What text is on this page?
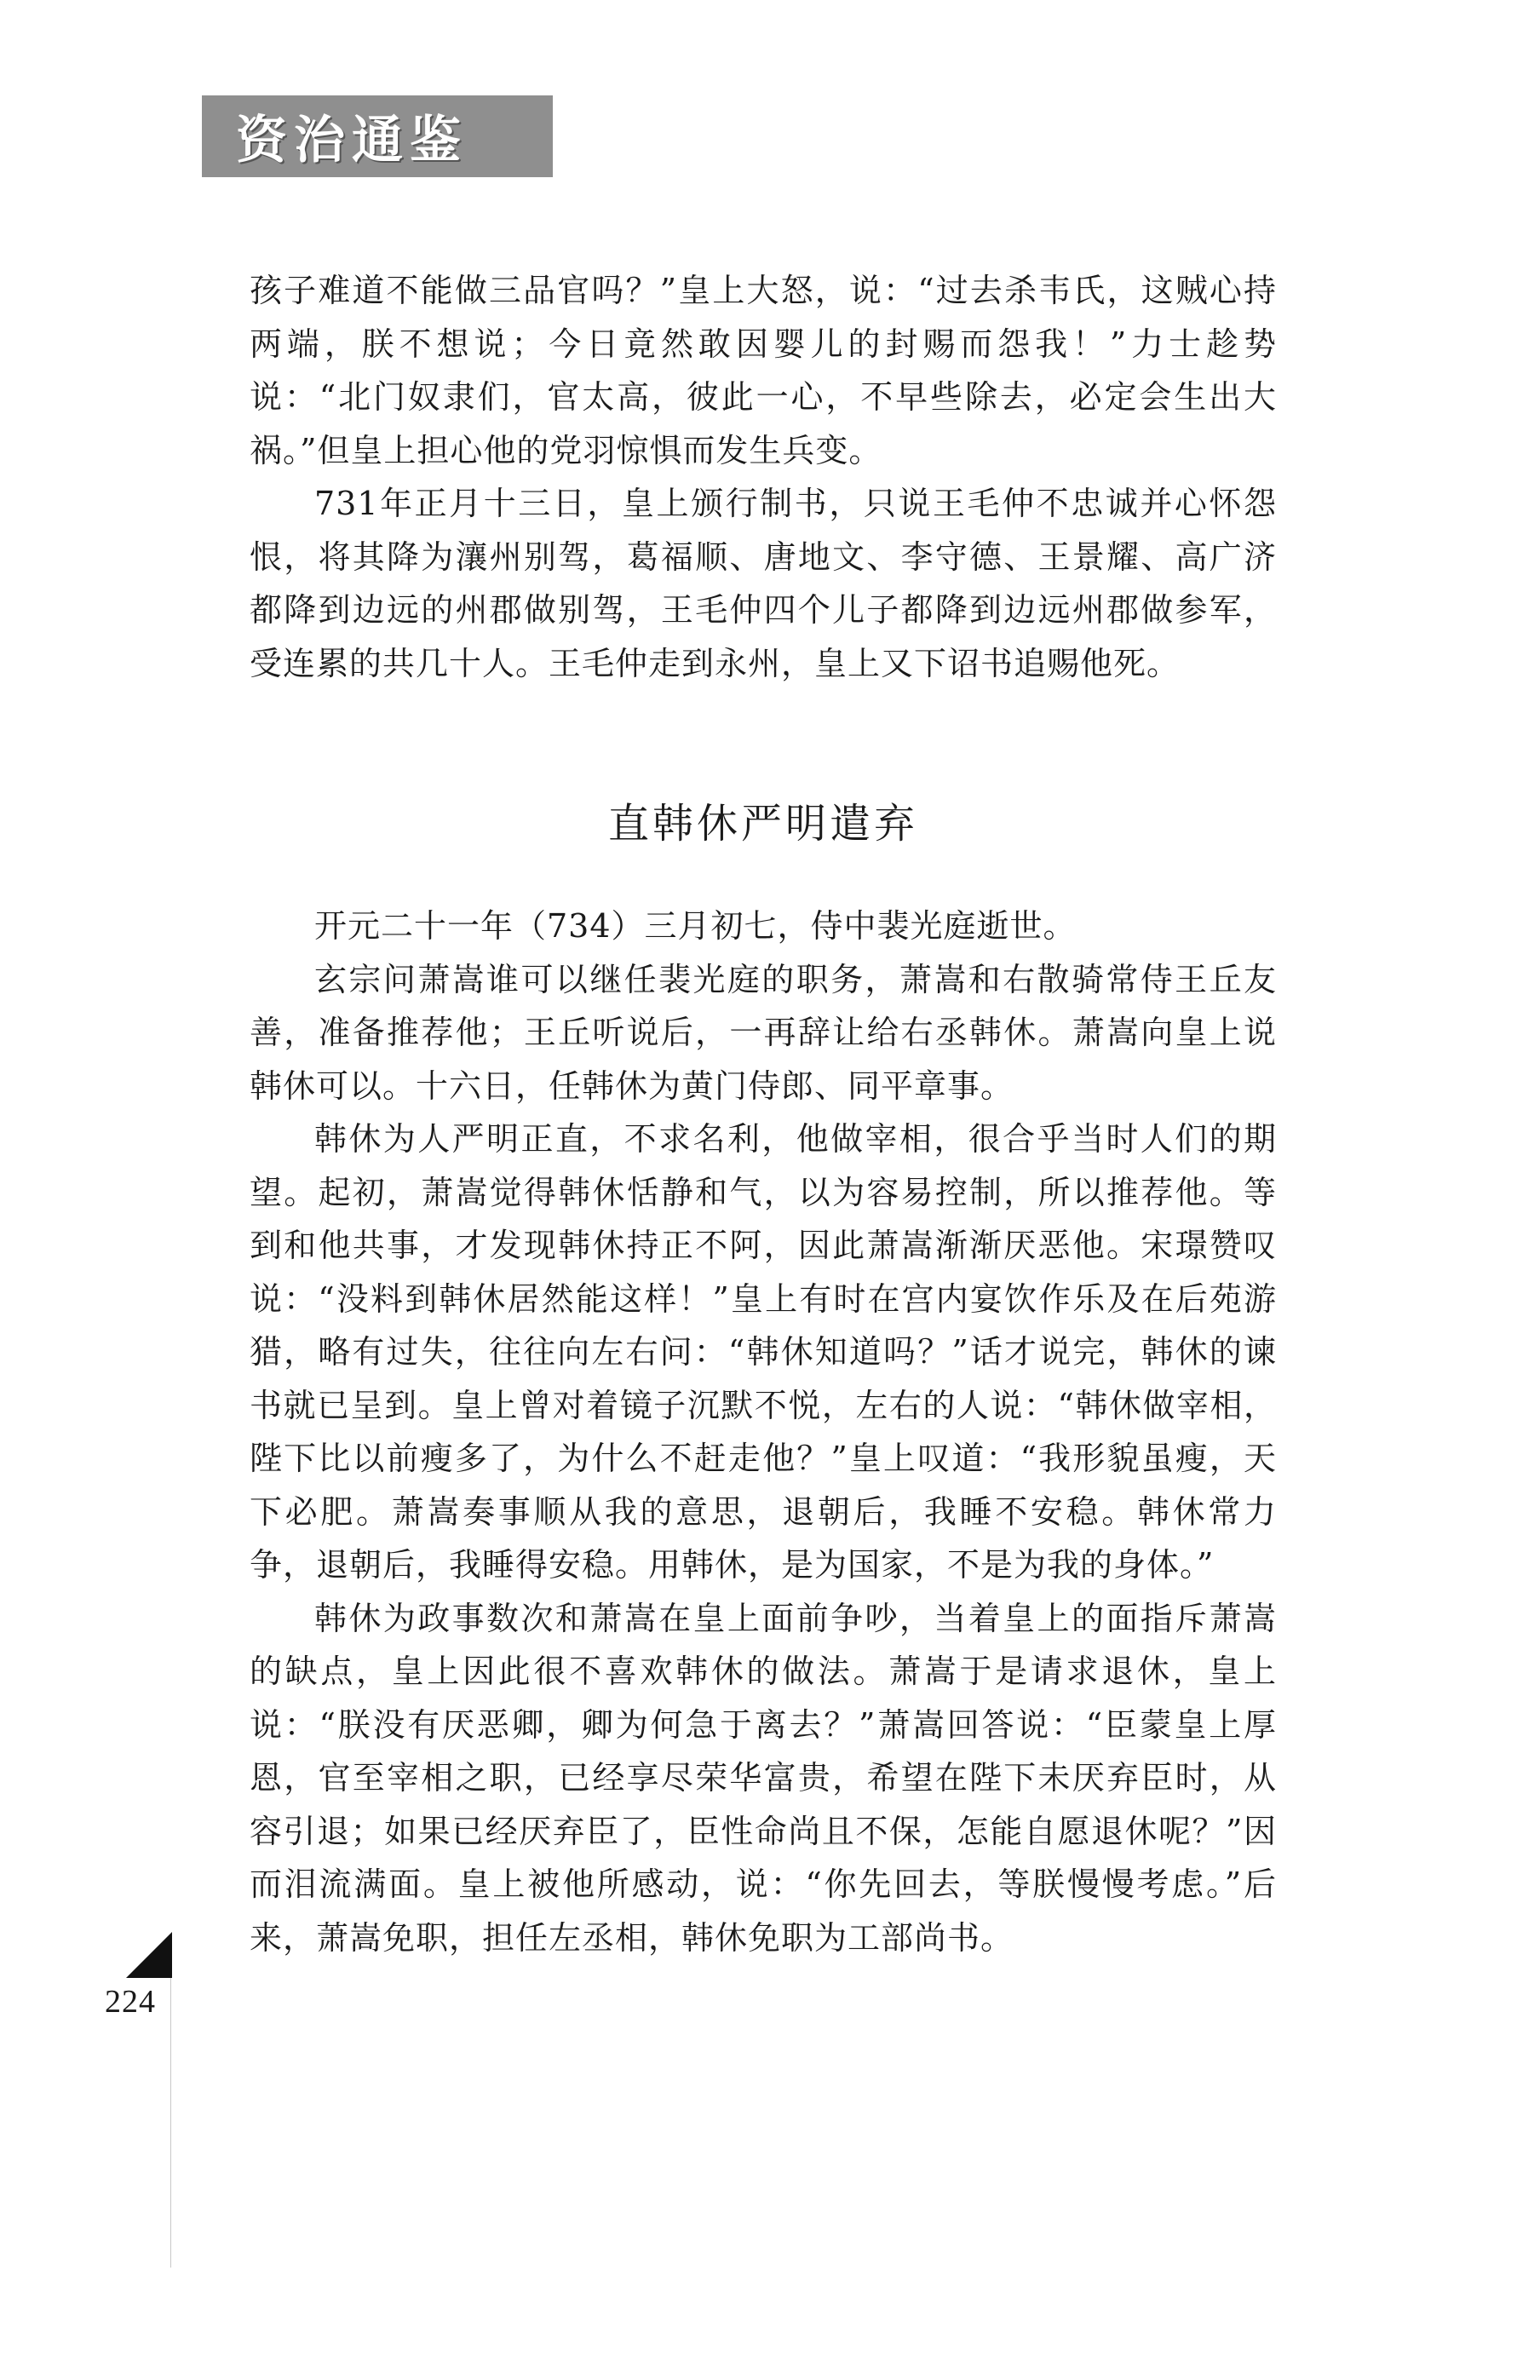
资治通鉴

孩子难道不能做三品官吗？”皇上大怒，说：“过去杀韦氏，这贼心持两端，朕不想说；今日竟然敢因婴儿的封赐而怨我！”力士趁势说：“北门奴隶们，官太高，彼此一心，不早些除去，必定会生出大祸。”但皇上担心他的党羽惊惧而发生兵变。

731年正月十三日，皇上颁行制书，只说王毛仲不忠诚并心怀怨恨，将其降为瀼州别驾，葛福顺、唐地文、李守德、王景耀、高广济都降到边远的州郡做别驾，王毛仲四个儿子都降到边远州郡做参军，受连累的共几十人。王毛仲走到永州，皇上又下诏书追赐他死。

直韩休严明遣弃

开元二十一年（734）三月初七，侍中裴光庭逝世。

玄宗问萧嵩谁可以继任裴光庭的职务，萧嵩和右散骑常侍王丘友善，准备推荐他；王丘听说后，一再辞让给右丞韩休。萧嵩向皇上说韩休可以。十六日，任韩休为黄门侍郎、同平章事。

韩休为人严明正直，不求名利，他做宰相，很合乎当时人们的期望。起初，萧嵩觉得韩休恬静和气，以为容易控制，所以推荐他。等到和他共事，才发现韩休持正不阿，因此萧嵩渐渐厌恶他。宋璟赞叹说：“没料到韩休居然能这样！”皇上有时在宫内宴饮作乐及在后苑游猎，略有过失，往往向左右问：“韩休知道吗？”话才说完，韩休的谏书就已呈到。皇上曾对着镜子沉默不悦，左右的人说：“韩休做宰相，陛下比以前瘦多了，为什么不赶走他？”皇上叹道：“我形貌虽瘦，天下必肥。萧嵩奏事顺从我的意思，退朝后，我睡不安稳。韩休常力争，退朝后，我睡得安稳。用韩休，是为国家，不是为我的身体。”

韩休为政事数次和萧嵩在皇上面前争吵，当着皇上的面指斥萧嵩的缺点，皇上因此很不喜欢韩休的做法。萧嵩于是请求退休，皇上说：“朕没有厌恶卿，卿为何急于离去？”萧嵩回答说：“臣蒙皇上厚恩，官至宰相之职，已经享尽荣华富贵，希望在陛下未厌弃臣时，从容引退；如果已经厌弃臣了，臣性命尚且不保，怎能自愿退休呢？”因而泪流满面。皇上被他所感动，说：“你先回去，等朕慢慢考虑。”后来，萧嵩免职，担任左丞相，韩休免职为工部尚书。

224
